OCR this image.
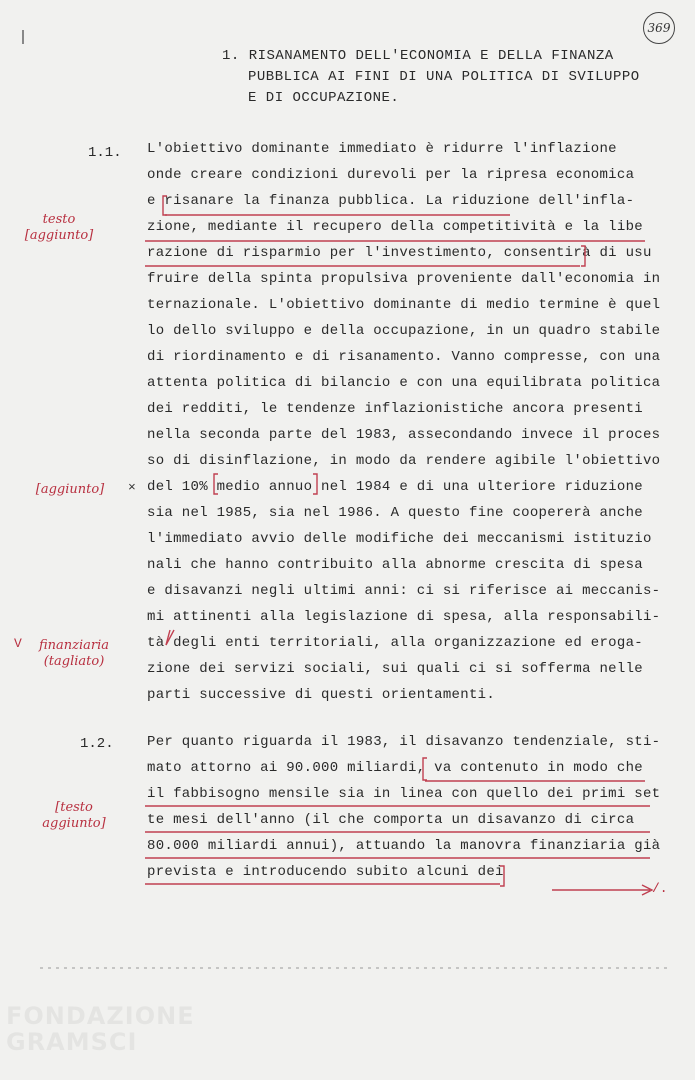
369
1. RISANAMENTO DELL'ECONOMIA E DELLA FINANZA
PUBBLICA AI FINI DI UNA POLITICA DI SVILUPPO
E DI OCCUPAZIONE.
1.1. L'obiettivo dominante immediato è ridurre l'inflazione
onde creare condizioni durevoli per la ripresa economica
e risanare la finanza pubblica. La riduzione dell'infla-
zione, mediante il recupero della competitività e la libe
razione di risparmio per l'investimento, consentirà di usu
fruire della spinta propulsiva proveniente dall'economia in
ternazionale. L'obiettivo dominante di medio termine è quel
lo dello sviluppo e della occupazione, in un quadro stabile
di riordinamento e di risanamento. Vanno compresse, con una
attenta politica di bilancio e con una equilibrata politica
dei redditi, le tendenze inflazionistiche ancora presenti
nella seconda parte del 1983, assecondando invece il proces
so di disinflazione, in modo da rendere agibile l'obiettivo
del 10% medio annuo nel 1984 e di una ulteriore riduzione
sia nel 1985, sia nel 1986. A questo fine coopererà anche
l'immediato avvio delle modifiche dei meccanismi istituzio
nali che hanno contribuito alla abnorme crescita di spesa
e disavanzi negli ultimi anni: ci si riferisce ai meccanis-
mi attinenti alla legislazione di spesa, alla responsabili-
tà degli enti territoriali, alla organizzazione ed eroga-
zione dei servizi sociali, sui quali ci si sofferma nelle
parti successive di questi orientamenti.
1.2. Per quanto riguarda il 1983, il disavanzo tendenziale, sti-
mato attorno ai 90.000 miliardi, va contenuto in modo che
il fabbisogno mensile sia in linea con quello dei primi set
te mesi dell'anno (il che comporta un disavanzo di circa
80.000 miliardi annui), attuando la manovra finanziaria già
prevista e introducendo subito alcuni dei
testo
[aggiunto]
[aggiunto]	×
finanziaria
(tagliato)
V
[testo
aggiunto]
/.
FONDAZIONE
GRAMSCI
